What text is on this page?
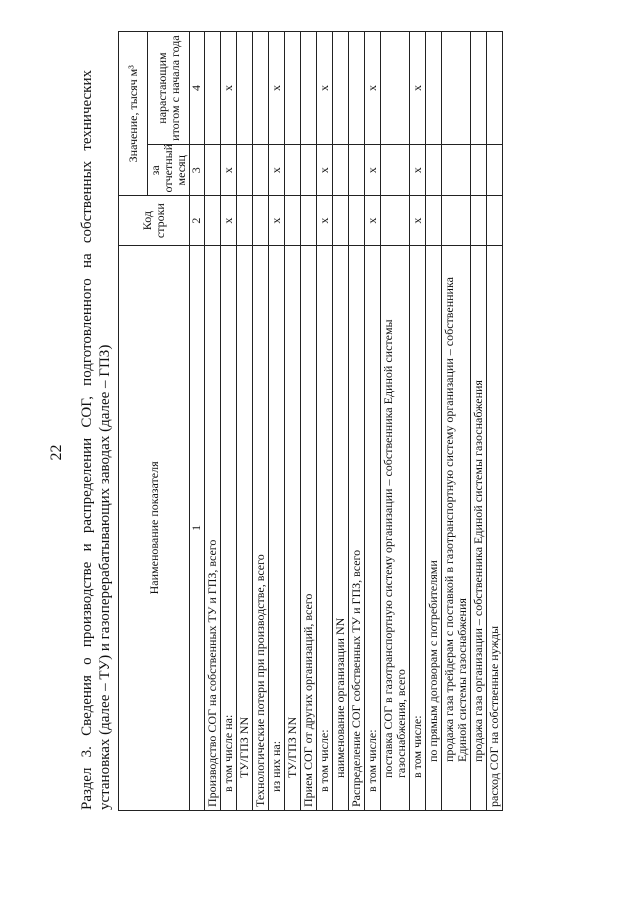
22 Раздел 3. Сведения о производстве и распределении СОГ, подготовленного на собственных технических установках (далее – ТУ) и газоперерабатывающих заводах (далее – ГПЗ)	Наименование показателя	Код строки	Значение, тысяч м³	
		за отчетный месяц	нарастающим итогом с начала года
1	2	3	4
Производство СОГ на собственных ТУ и ГПЗ, всего			
в том числе на:	х	х	х
ТУ/ГПЗ NN			
Технологические потери при производстве, всего			
из них на:	х	х	х
ТУ/ГПЗ NN			
Прием СОГ от других организаций, всего			
в том числе:	х	х	х
наименование организации NN			
Распределение СОГ собственных ТУ и ГПЗ, всего			
в том числе:	х	х	х
поставка СОГ в газотранспортную систему организации – собственника Единой системы газоснабжения, всего			
в том числе:	х	х	х
по прямым договорам с потребителями			
продажа газа трейдерам с поставкой в газотранспортную систему организации – собственника Единой системы газоснабжения			
продажа газа организации – собственника Единой системы газоснабжения			
расход СОГ на собственные нужды			
